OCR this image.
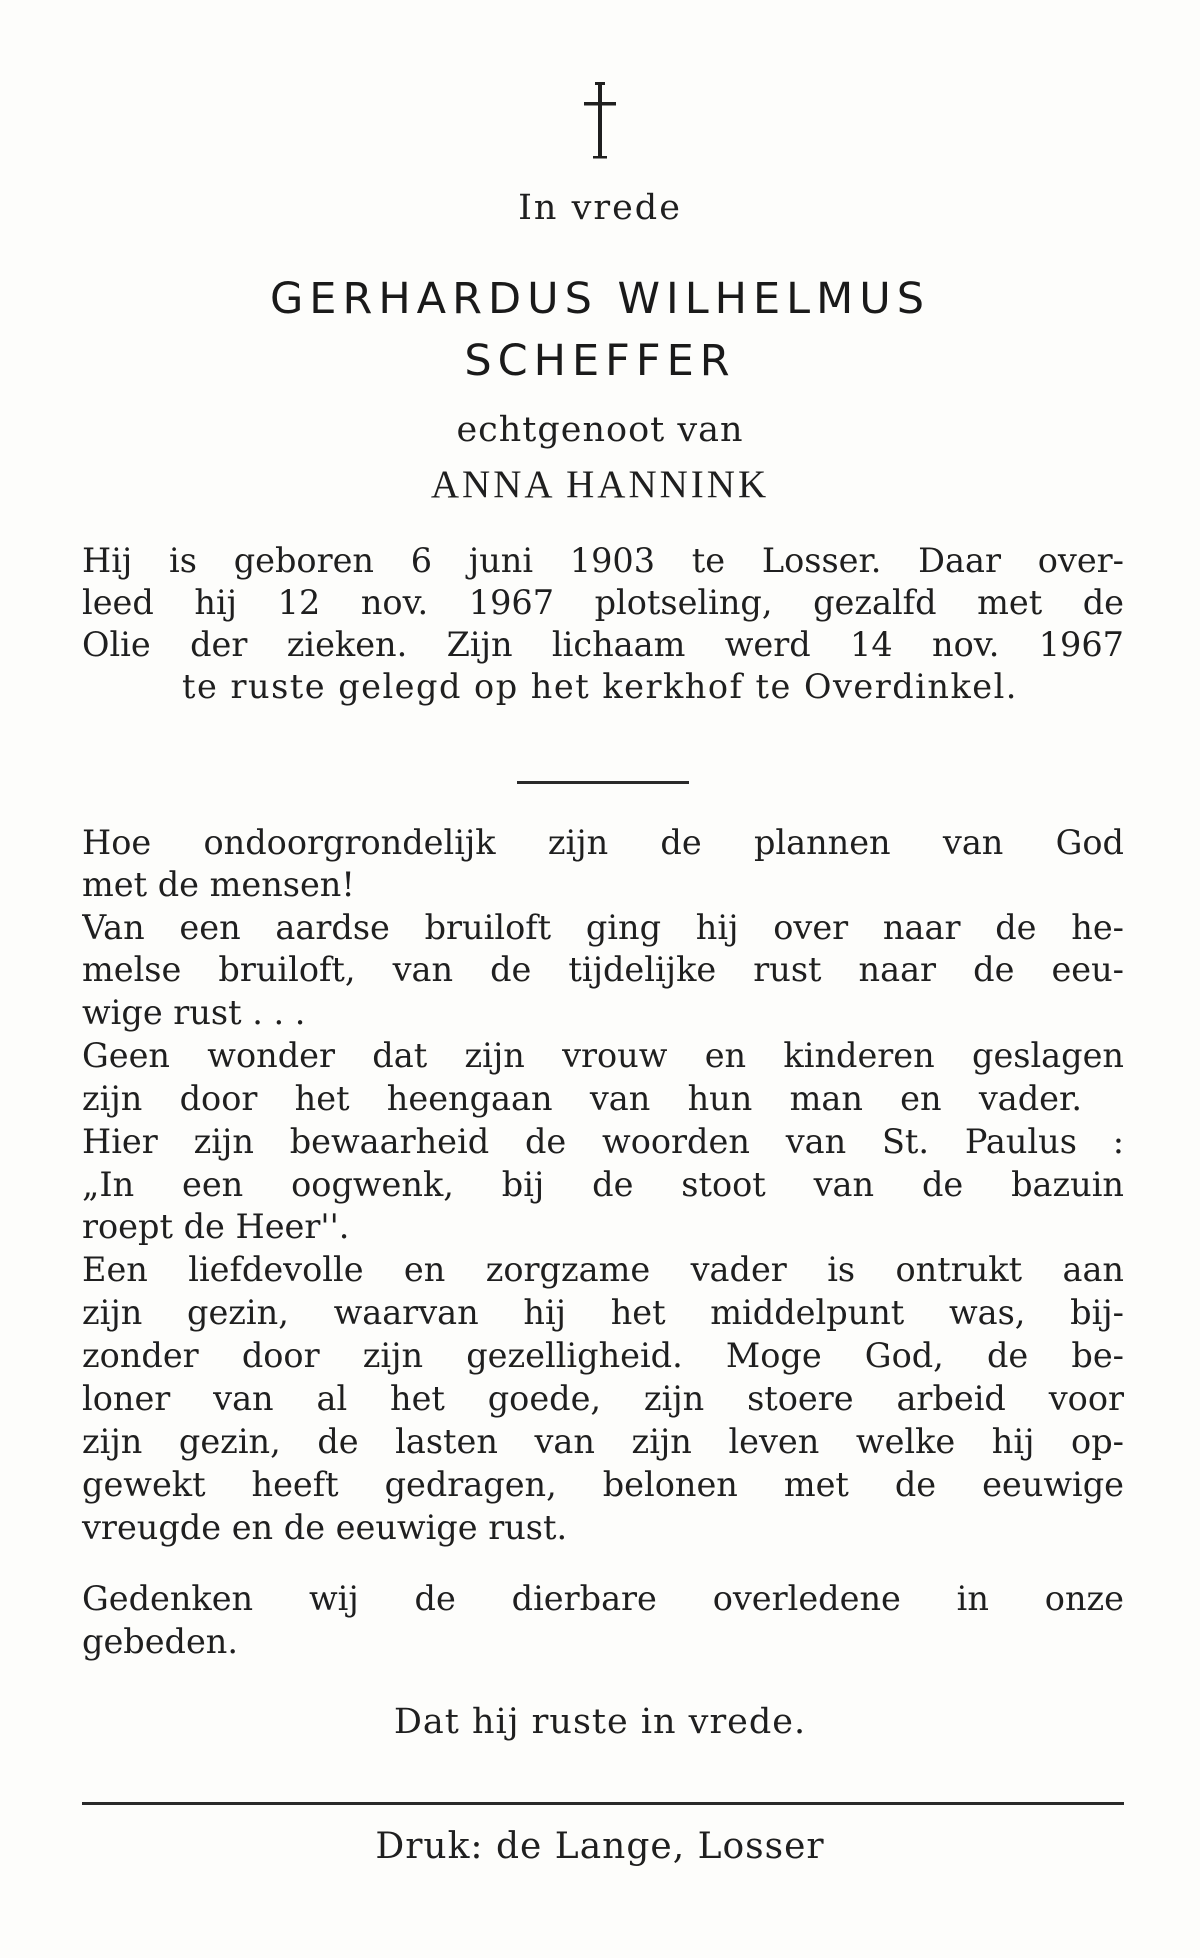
In vrede
GERHARDUS WILHELMUS
SCHEFFER
echtgenoot van
ANNA HANNINK
Hij is geboren 6 juni 1903 te Losser. Daar over-
leed hij 12 nov. 1967 plotseling, gezalfd met de
Olie der zieken. Zijn lichaam werd 14 nov. 1967
te ruste gelegd op het kerkhof te Overdinkel.
Hoe ondoorgrondelijk zijn de plannen van God
met de mensen!
Van een aardse bruiloft ging hij over naar de he-
melse bruiloft, van de tijdelijke rust naar de eeu-
wige rust . . .
Geen wonder dat zijn vrouw en kinderen geslagen
zijn door het heengaan van hun man en vader.
Hier zijn bewaarheid de woorden van St. Paulus :
„In een oogwenk, bij de stoot van de bazuin
roept de Heer''.
Een liefdevolle en zorgzame vader is ontrukt aan
zijn gezin, waarvan hij het middelpunt was, bij-
zonder door zijn gezelligheid. Moge God, de be-
loner van al het goede, zijn stoere arbeid voor
zijn gezin, de lasten van zijn leven welke hij op-
gewekt heeft gedragen, belonen met de eeuwige
vreugde en de eeuwige rust.
Gedenken wij de dierbare overledene in onze
gebeden.
Dat hij ruste in vrede.
Druk: de Lange, Losser
